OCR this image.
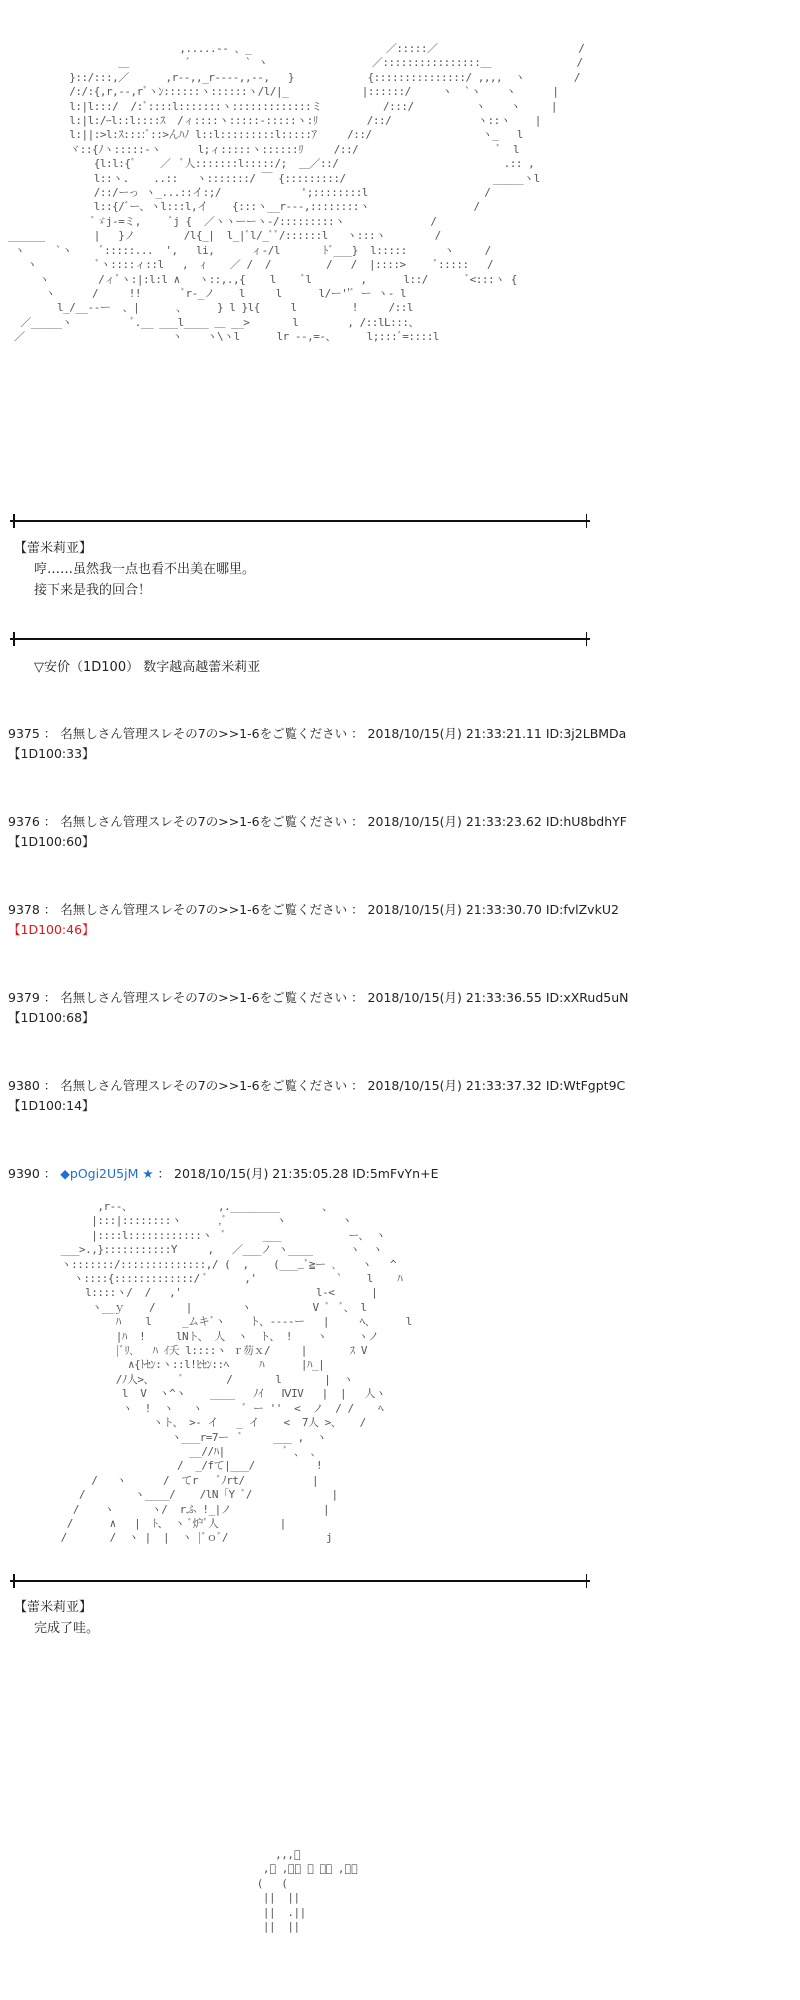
,.....-- 、_                      ／:::::／                       /
＿         ´         ` ヽ                 ／::::::::::::::::＿              /
}::/:::,／      ,r‐-,,_r‐---,,--,   }            {:::::::::::::::/ ,,,,  ヽ        /
/:/:{,r,--,rﾞヽﾝ::::::ヽ::::::ヽ/l/|_            |::::::/     ヽ  `ヽ    ヽ      |
l:|l:::/  /:ﾞ::::l:::::::ヽ:::::::::::::ミ          /:::/          ヽ    ヽ     |
l:|l:/ｰl::l::::ｽ  /ィ::::ヽ:::::-:::::ヽ:ﾘ        /::/              ヽ::ヽ    |
l:||:>l:ｽ::::ﾞ::>んﾊﾉ l::l:::::::::l:::::ｱ     /::/                  ヽ_   l
ヾ::{ﾉヽ:::::-ヽ      l;ィ:::::ヽ::::::ﾘ     /::/                       ﾞ  l
{l:l:{ﾞ    ／  ﾞ人:::::::l:::::/;  ＿／::/                           .:: ,
l::ヽ.    ..::   ヽ:::::::/ ￣ {:::::::::/                        _____ヽl
/::/ーっ ヽ_...::イ:;/             ';::::::::l                   /
l::{/ﾞー、ヽl:::l,イ    {:::ヽ__r---,::::::::ヽ                 /
ﾞゞj-=ミ,     ﾞj {  ／ヽヽーーヽ-/:::::::::ヽ              /
______        |   }ノ        /l{_|  l_|ﾞl/_ﾞﾞ/::::::l   ヽ:::ヽ        /
ヽ     `ヽ     ﾞ:::::...  ',   li,      ィ-/l       ﾄﾞ___}  l:::::      ヽ     /
ヽ          ﾞヽ::::ィ::l   ,  ｨ    ／ /  /         /   /  |::::>     ﾞ:::::   /
ヽ        /ィﾞヽ:|:l:l ∧   ヽ::,.,{    l    ﾞl        ,      l::/      ﾞ<:::ヽ {
ヽ      /     !!       ﾞr-_ノ    l     l      l/ー''ﾞ ー ヽ- l
l_/__--ー  、|      、     } l }l{     l         !     /::l
／_____ヽ          ﾞ.__ ___l____ ＿ __>       l        , /::lL:::、
／                        ヽ    ヽ\ヽl      lr ‐-,=-、     l;:::ﾞ=::::l
【蕾米莉亚】
哼……虽然我一点也看不出美在哪里。
接下来是我的回合！
▽安价（1D100） 数字越高越蕾米莉亚
9375 ： 名無しさん管理スレその7の>>1-6をご覧ください ： 2018/10/15(月) 21:33:21.11 ID:3j2LBMDa
【1D100:33】
9376 ： 名無しさん管理スレその7の>>1-6をご覧ください ： 2018/10/15(月) 21:33:23.62 ID:hU8bdhYF
【1D100:60】
9378 ： 名無しさん管理スレその7の>>1-6をご覧ください ： 2018/10/15(月) 21:33:30.70 ID:fvlZvkU2
【1D100:46】
9379 ： 名無しさん管理スレその7の>>1-6をご覧ください ： 2018/10/15(月) 21:33:36.55 ID:xXRud5uN
【1D100:68】
9380 ： 名無しさん管理スレその7の>>1-6をご覧ください ： 2018/10/15(月) 21:33:37.32 ID:WtFgpt9C
【1D100:14】
9390 ： ◆pOgi2U5jM ★ ： 2018/10/15(月) 21:35:05.28 ID:5mFvYn+E
,r‐‐、              ,.________       、
|:::|::::::::ヽ      ,ﾞ        ヽ         ヽ
|::::l::::::::::::ヽ  ﾞ      ___           ー、 ヽ
___>.,}:::::::::::Y     ,   ／___ノ ヽ____      ヽ  ヽ
ヽ:::::::/::::::::::::::,/ (  ,    (____ﾞ≧ー ､    ヽ   ^
ヽ::::{:::::::::::::/ ﾞ      ,'             `    l    ﾊ
l::::ヽ/  /   ,'                      l-<      |
ヽ__ｙ    /     |        ヽ          V ﾞ  ﾞ、 l
ﾊ    l     _ムキﾞヽ    ト、----ー   |     ﾍ、     l
|ﾊ  !     lNト、 人  ヽ  ト、 !    ヽ     ヽノ
|ﾞﾘ､   ﾊ ｲ夭 l::::ヽ ｒ芴ｘ/     |       ｽ V
∧{ﾄｾﾝ:ヽ::l!ﾋｾﾝ::ﾍ     ﾊ      |ﾊ_|
/ﾉ人>、    ﾞ       /       l       |  ヽ
l  V  ヽ^ヽ    ____   ﾉｲ   ⅣIV   |  |   人ヽ
ヽ  !  ヽ   ヽ       ﾞ ー ''  <  ノ  / /    ﾍ
ヽト、 >- イ   _ イ    <  7人 >、   /
ヽ___r=7ー  ﾞ     ___ ,  ヽ
__//ﾊ|          ﾞ 、 、
/  _/fて|___/          !
/   ヽ      /  てr   ﾞﾉrt/           |
/        ヽ____/    /lN「Y ﾞ/             |
/    ヽ      ヽ/  rふ !_|ノ               |
/      ∧   |  ﾄ、 ヽ ﾞ炉ﾞ人          |
/       /  ヽ |  |  ヽ |ﾞｏﾞ/                j
【蕾米莉亚】
完成了哇。
,,,ﾞ
,ﾞ ,／ﾞ ﾞ ､、 ,ﾞﾞ
(   (
||  ||
||  .||
||  ||
